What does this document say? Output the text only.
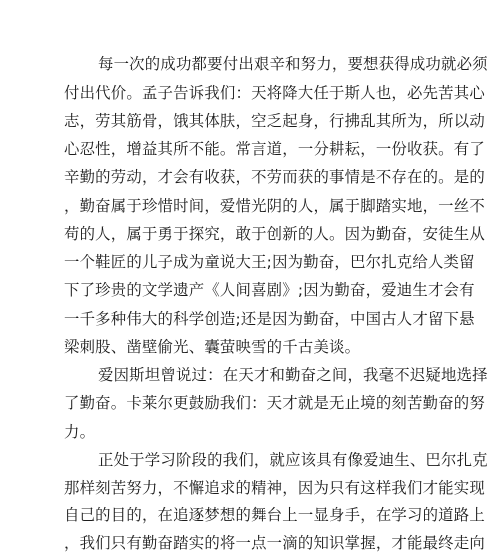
每一次的成功都要付出艰辛和努力，要想获得成功就必须
付出代价。孟子告诉我们：天将降大任于斯人也，必先苦其心
志，劳其筋骨，饿其体肤，空乏起身，行拂乱其所为，所以动
心忍性，增益其所不能。常言道，一分耕耘，一份收获。有了
辛勤的劳动，才会有收获，不劳而获的事情是不存在的。是的
，勤奋属于珍惜时间，爱惜光阴的人，属于脚踏实地，一丝不
苟的人，属于勇于探究，敢于创新的人。因为勤奋，安徒生从
一个鞋匠的儿子成为童说大王;因为勤奋，巴尔扎克给人类留
下了珍贵的文学遗产《人间喜剧》;因为勤奋，爱迪生才会有
一千多种伟大的科学创造;还是因为勤奋，中国古人才留下悬
梁刺股、凿壁偷光、囊萤映雪的千古美谈。
爱因斯坦曾说过：在天才和勤奋之间，我毫不迟疑地选择
了勤奋。卡莱尔更鼓励我们：天才就是无止境的刻苦勤奋的努
力。
正处于学习阶段的我们，就应该具有像爱迪生、巴尔扎克
那样刻苦努力，不懈追求的精神，因为只有这样我们才能实现
自己的目的，在追逐梦想的舞台上一显身手，在学习的道路上
，我们只有勤奋踏实的将一点一滴的知识掌握，才能最终走向
